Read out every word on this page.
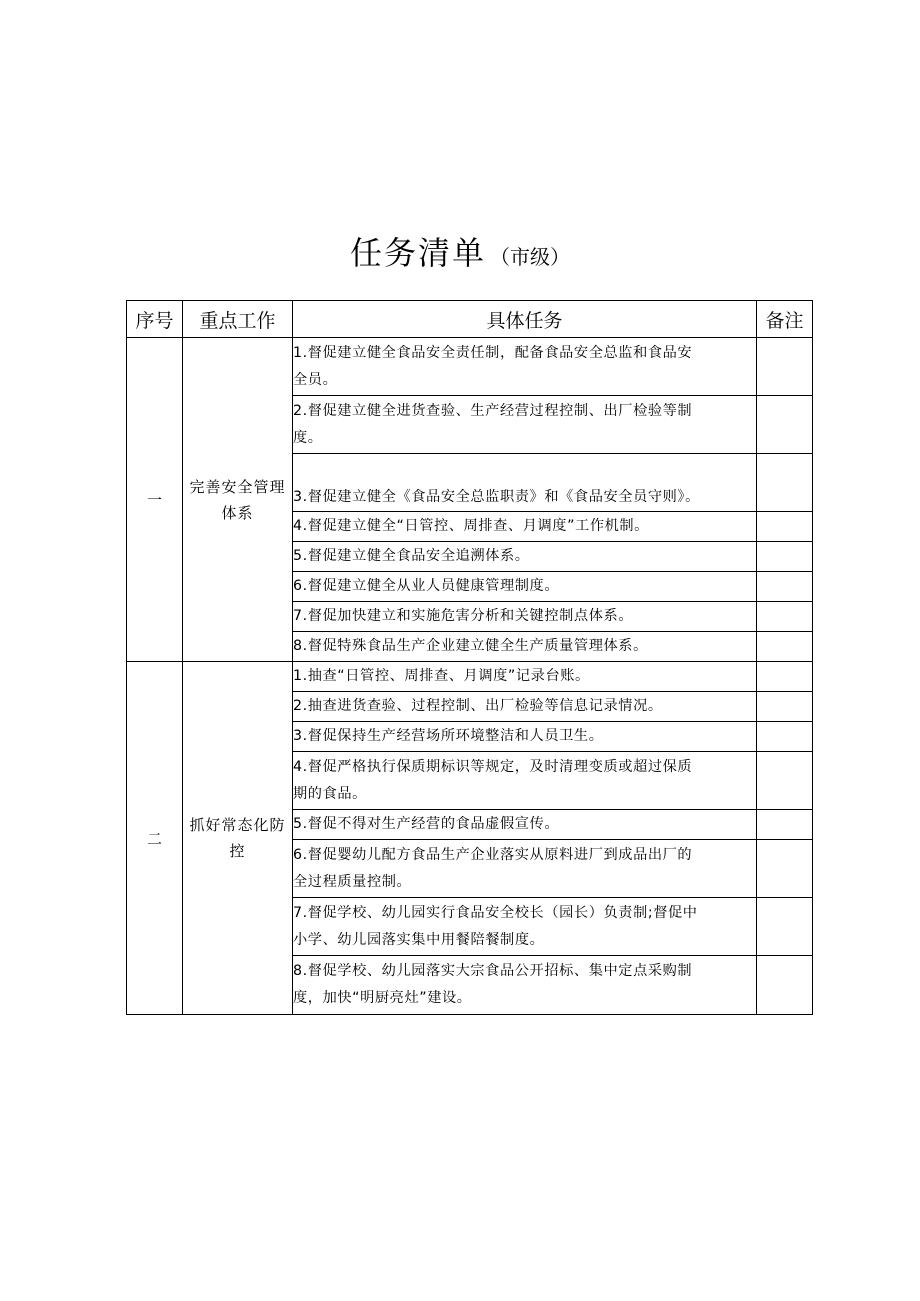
任务清单 （市级）
序号	重点工作	具体任务	备注
一	完善安全管理体系	1.督促建立健全食品安全责任制，配备食品安全总监和食品安
全员。	

		2.督促建立健全进货查验、生产经营过程控制、出厂检验等制
度。	

		3.督促建立健全《食品安全总监职责》和《食品安全员守则》。	

		4.督促建立健全“日管控、周排查、月调度”工作机制。	

		5.督促建立健全食品安全追溯体系。	

		6.督促建立健全从业人员健康管理制度。	

		7.督促加快建立和实施危害分析和关键控制点体系。	

		8.督促特殊食品生产企业建立健全生产质量管理体系。	

二	抓好常态化防控	1.抽查“日管控、周排查、月调度”记录台账。	

		2.抽查进货查验、过程控制、出厂检验等信息记录情况。	

		3.督促保持生产经营场所环境整洁和人员卫生。	

		4.督促严格执行保质期标识等规定，及时清理变质或超过保质
期的食品。	

		5.督促不得对生产经营的食品虚假宣传。	

		6.督促婴幼儿配方食品生产企业落实从原料进厂到成品出厂的
全过程质量控制。	

		7.督促学校、幼儿园实行食品安全校长（园长）负责制;督促中
小学、幼儿园落实集中用餐陪餐制度。	

		8.督促学校、幼儿园落实大宗食品公开招标、集中定点采购制
度，加快“明厨亮灶”建设。	
